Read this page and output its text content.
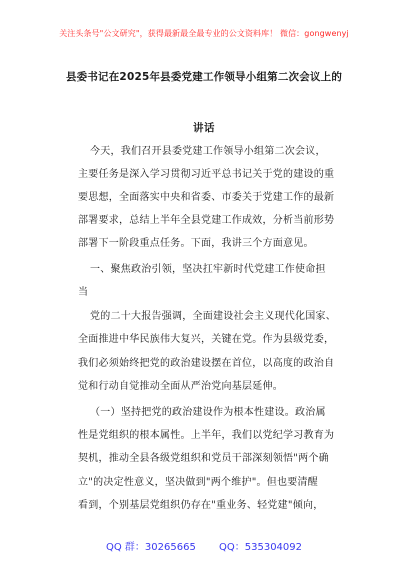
关注头条号"公文研究"，获得最新最全最专业的公文资料库！ 微信：gongwenyj
县委书记在2025年县委党建工作领导小组第二次会议上的
讲话
今天，我们召开县委党建工作领导小组第二次会议，
主要任务是深入学习贯彻习近平总书记关于党的建设的重
要思想，全面落实中央和省委、市委关于党建工作的最新
部署要求，总结上半年全县党建工作成效，分析当前形势
部署下一阶段重点任务。下面，我讲三个方面意见。
一、聚焦政治引领，坚决扛牢新时代党建工作使命担
当
党的二十大报告强调，全面建设社会主义现代化国家、
全面推进中华民族伟大复兴，关键在党。作为县级党委，
我们必须始终把党的政治建设摆在首位，以高度的政治自
觉和行动自觉推动全面从严治党向基层延伸。
（一）坚持把党的政治建设作为根本性建设。政治属
性是党组织的根本属性。上半年，我们以党纪学习教育为
契机，推动全县各级党组织和党员干部深刻领悟"两个确
立"的决定性意义，坚决做到"两个维护"。但也要清醒
看到，个别基层党组织仍存在"重业务、轻党建"倾向，
QQ 群：30265665 QQ：535304092
